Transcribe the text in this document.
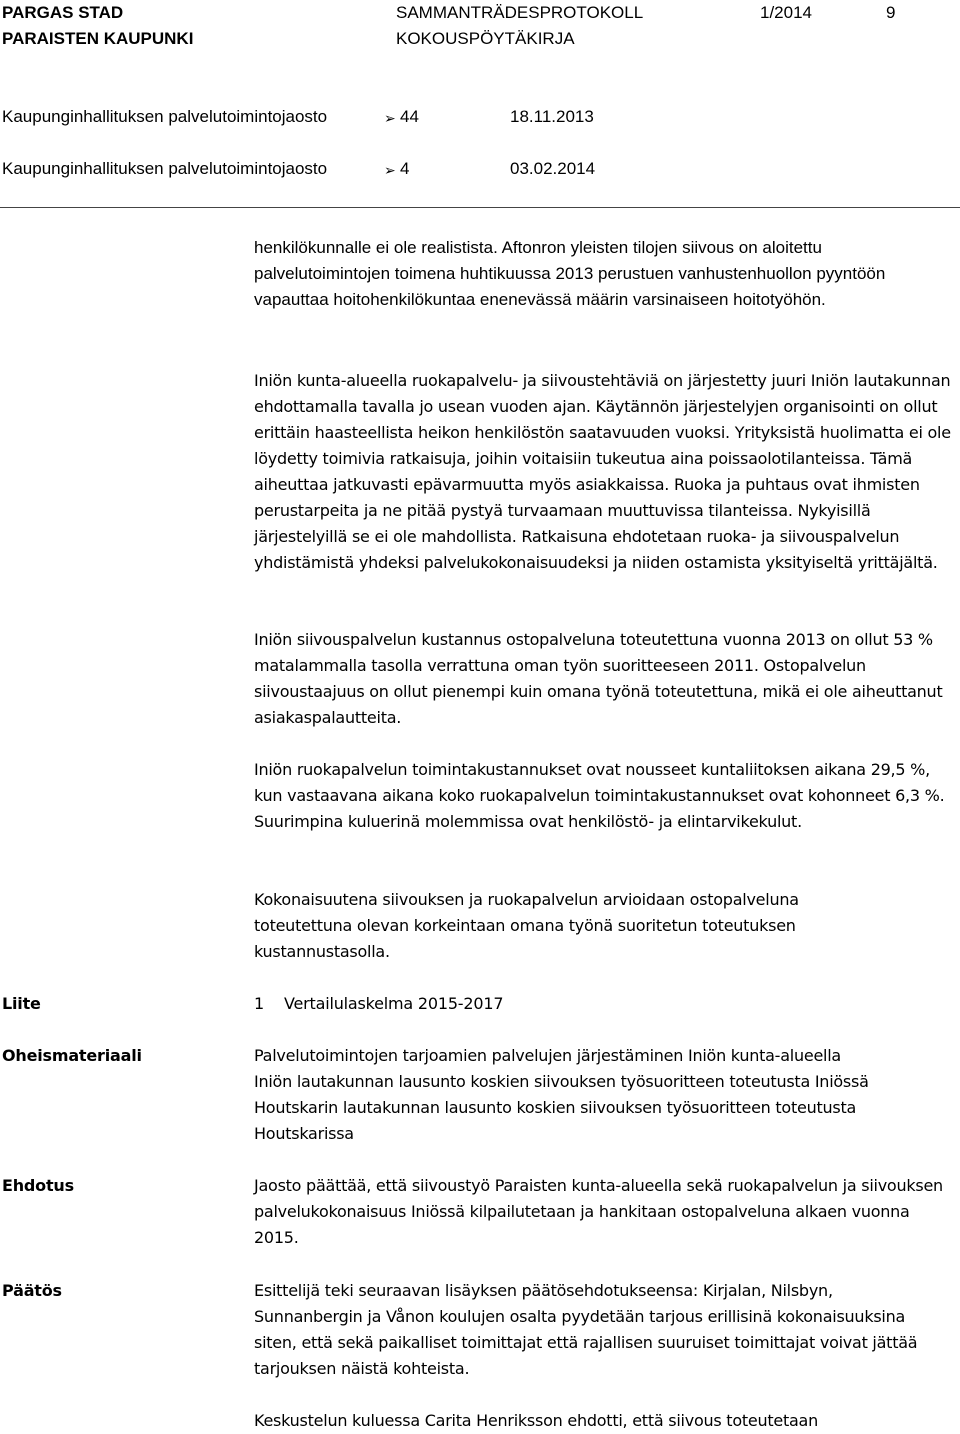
PARGAS STAD
PARAISTEN KAUPUNKI
SAMMANTRÄDESPROTOKOLL
KOKOUSPÖYTÄKIRJA
1/2014	9
Kaupunginhallituksen palvelutoimintojaosto	➢ 44	18.11.2013
Kaupunginhallituksen palvelutoimintojaosto	➢ 4	03.02.2014

henkilökunnalle ei ole realistista. Aftonron yleisten tilojen siivous on aloitettu palvelutoimintojen toimena huhtikuussa 2013 perustuen vanhustenhuollon pyyntöön vapauttaa hoitohenkilökuntaa enenevässä määrin varsinaiseen hoitotyöhön.

Iniön kunta-alueella ruokapalvelu- ja siivoustehtäviä on järjestetty juuri Iniön lautakunnan ehdottamalla tavalla jo usean vuoden ajan. Käytännön järjestelyjen organisointi on ollut erittäin haasteellista heikon henkilöstön saatavuuden vuoksi. Yrityksistä huolimatta ei ole löydetty toimivia ratkaisuja, joihin voitaisiin tukeutua aina poissaolotilanteissa. Tämä aiheuttaa jatkuvasti epävarmuutta myös asiakkaissa. Ruoka ja puhtaus ovat ihmisten perustarpeita ja ne pitää pystyä turvaamaan muuttuvissa tilanteissa. Nykyisillä järjestelyillä se ei ole mahdollista. Ratkaisuna ehdotetaan ruoka- ja siivouspalvelun yhdistämistä yhdeksi palvelukokonaisuudeksi ja niiden ostamista yksityiseltä yrittäjältä.

Iniön siivouspalvelun kustannus ostopalveluna toteutettuna vuonna 2013 on ollut 53 % matalammalla tasolla verrattuna oman työn suoritteeseen 2011. Ostopalvelun siivoustaajuus on ollut pienempi kuin omana työnä toteutettuna, mikä ei ole aiheuttanut asiakaspalautteita.

Iniön ruokapalvelun toimintakustannukset ovat nousseet kuntaliitoksen aikana 29,5 %, kun vastaavana aikana koko ruokapalvelun toimintakustannukset ovat kohonneet 6,3 %. Suurimpina kuluerinä molemmissa ovat henkilöstö- ja elintarvikekulut.

Kokonaisuutena siivouksen ja ruokapalvelun arvioidaan ostopalveluna toteutettuna olevan korkeintaan omana työnä suoritetun toteutuksen kustannustasolla.

Liite	1 Vertailulaskelma 2015-2017
Oheismateriaali	Palvelutoimintojen tarjoamien palvelujen järjestäminen Iniön kunta-alueella
Iniön lautakunnan lausunto koskien siivouksen työsuoritteen toteutusta Iniössä
Houtskarin lautakunnan lausunto koskien siivouksen työsuoritteen toteutusta Houtskarissa
Ehdotus	Jaosto päättää, että siivoustyö Paraisten kunta-alueella sekä ruokapalvelun ja siivouksen palvelukokonaisuus Iniössä kilpailutetaan ja hankitaan ostopalveluna alkaen vuonna 2015.

Päätös	Esittelijä teki seuraavan lisäyksen päätösehdotukseensa: Kirjalan, Nilsbyn, Sunnanbergin ja Vånon koulujen osalta pyydetään tarjous erillisinä kokonaisuuksina siten, että sekä paikalliset toimittajat että rajallisen suuruiset toimittajat voivat jättää tarjouksen näistä kohteista.

Keskustelun kuluessa Carita Henriksson ehdotti, että siivous toteutetaan
